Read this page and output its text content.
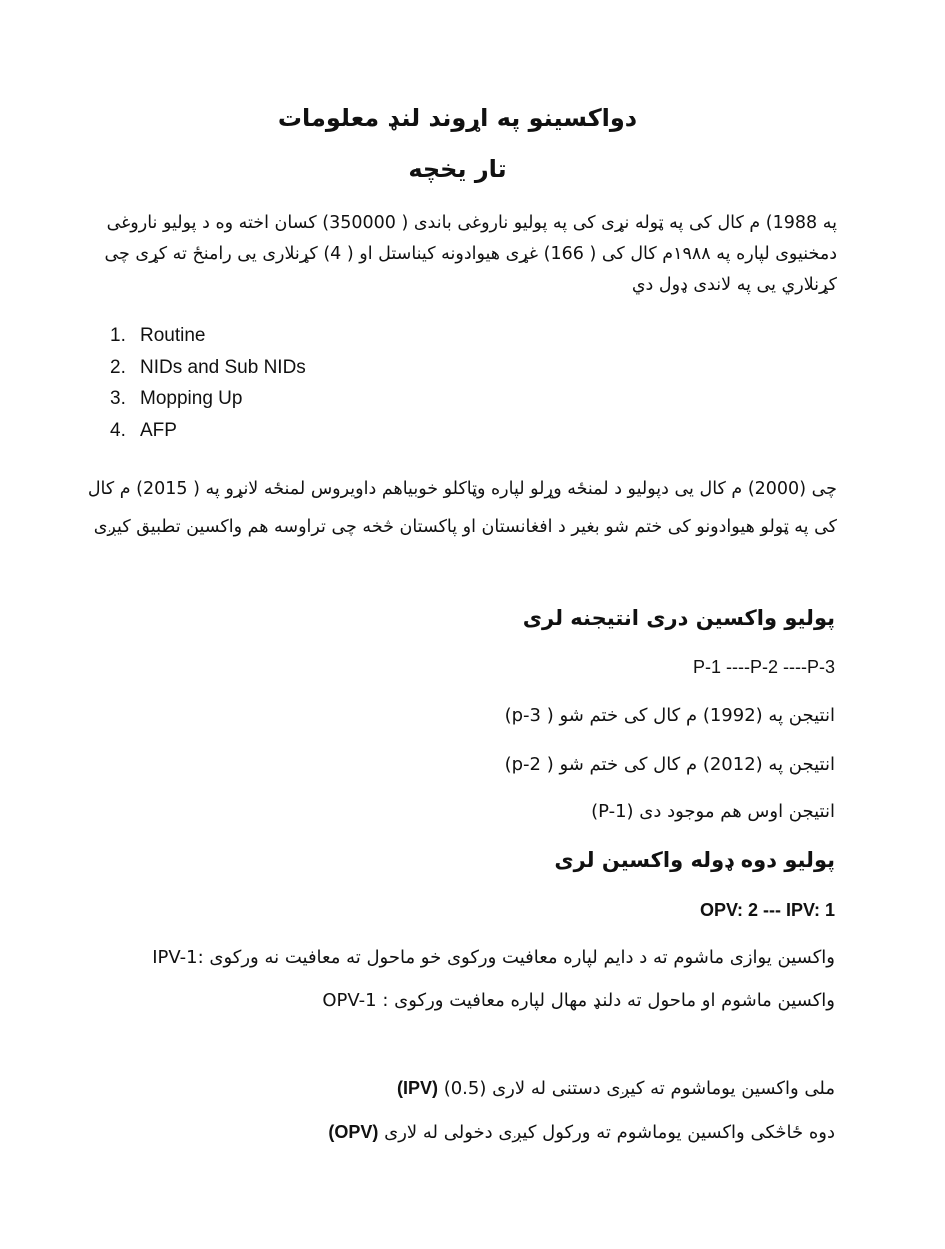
دواکسینو په اړوند لنډ معلومات
تار یخچه
په 1988) م کال کی په ټوله نړی کی په پولیو ناروغی باندی ( 350000) کسان اخته وه د پولیو ناروغی دمخنیوی لپاره په ۱۹۸۸م کال کی ( 166) غړی هیوادونه کیناستل او ( 4) کړنلاری یی رامنځ ته کړی چی کړنلاري یی په لاندی ډول دي
1. Routine
2. NIDs and Sub NIDs
3. Mopping Up
4. AFP
چی (2000) م کال یی دپولیو د لمنځه وړلو لپاره وټاکلو خوبیاهم داویروس لمنځه لانړو په ( 2015) م کال کی په ټولو هیوادونو کی ختم شو بغیر د افغانستان او پاکستان څخه چی تراوسه هم واکسین تطبیق کیږی
پولیو واکسین دری انتیجنه لری
P-1 ----P-2 ----P-3
(p-3 ) انتیجن په (1992) م کال کی ختم شو
(p-2 ) انتیجن په (2012) م کال کی ختم شو
(P-1) انتیجن اوس هم موجود دی
پولیو دوه ډوله واکسین لری
OPV: 2 --- IPV: 1
IPV-1: واکسین یوازی ماشوم ته د دایم لپاره معافیت ورکوی خو ماحول ته معافیت نه ورکوی
OPV-1 : واکسین ماشوم او ماحول ته دلنډ مهال لپاره معافیت ورکوی
(IPV) (0.5) ملی واکسین یوماشوم ته کیږی دستنی له لاری
(OPV) دوه ځاڅکی واکسین یوماشوم ته ورکول کیږی دخولی له لاری
